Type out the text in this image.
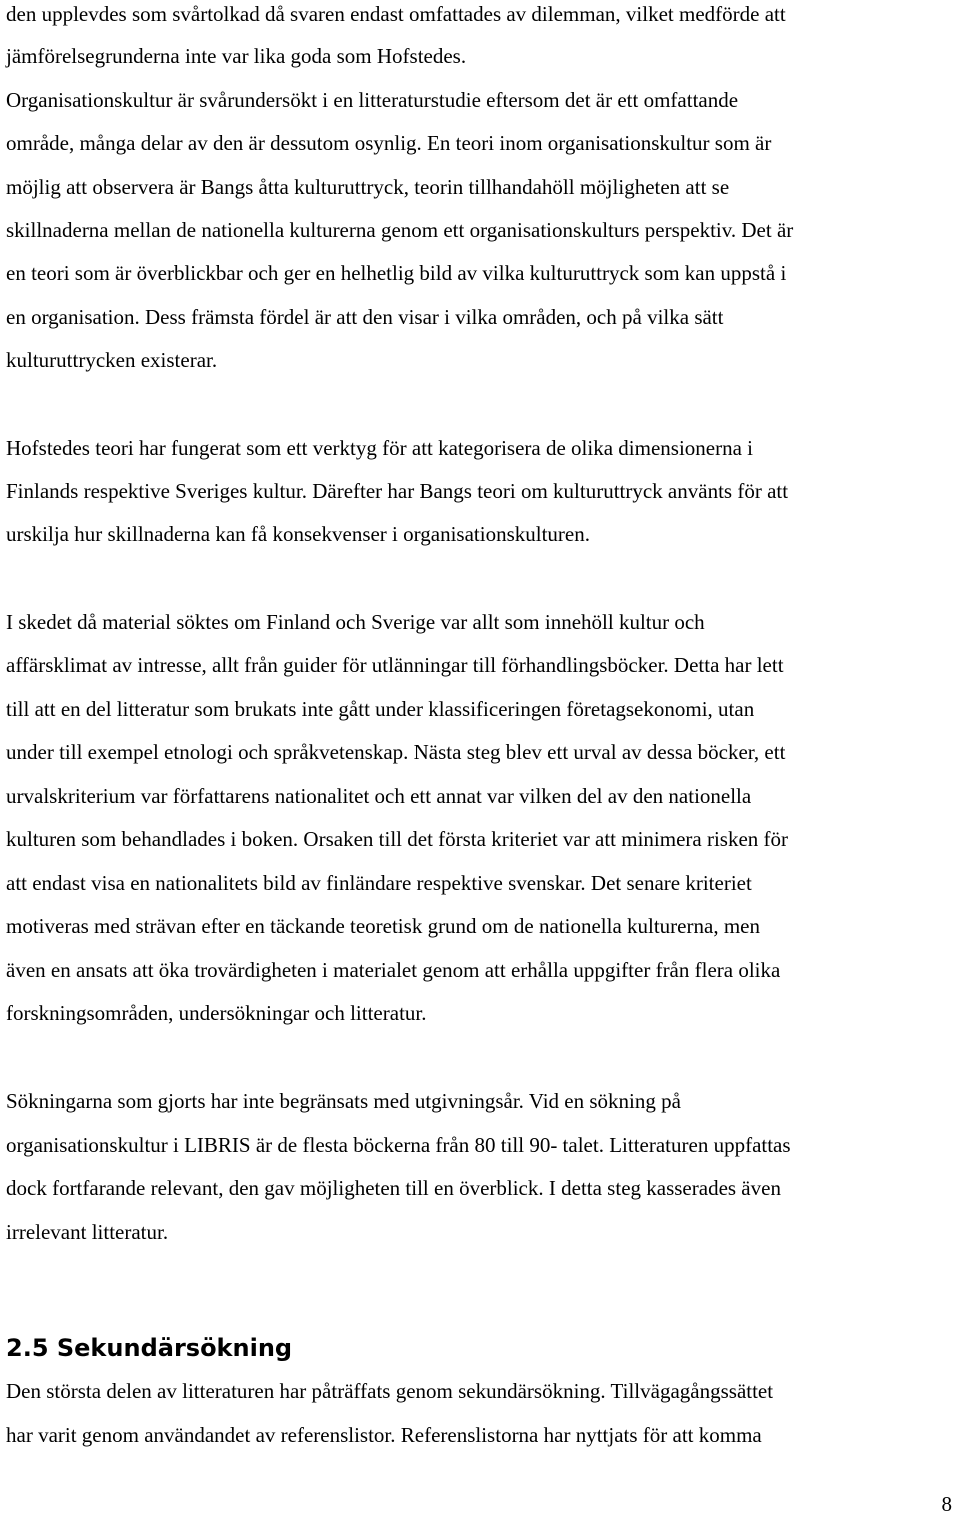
den upplevdes som svårtolkad då svaren endast omfattades av dilemman, vilket medförde att
jämförelsegrunderna inte var lika goda som Hofstedes.
Organisationskultur är svårundersökt i en litteraturstudie eftersom det är ett omfattande
område, många delar av den är dessutom osynlig. En teori inom organisationskultur som är
möjlig att observera är Bangs åtta kulturuttryck, teorin tillhandahöll möjligheten att se
skillnaderna mellan de nationella kulturerna genom ett organisationskulturs perspektiv. Det är
en teori som är överblickbar och ger en helhetlig bild av vilka kulturuttryck som kan uppstå i
en organisation. Dess främsta fördel är att den visar i vilka områden, och på vilka sätt
kulturuttrycken existerar.
Hofstedes teori har fungerat som ett verktyg för att kategorisera de olika dimensionerna i
Finlands respektive Sveriges kultur. Därefter har Bangs teori om kulturuttryck använts för att
urskilja hur skillnaderna kan få konsekvenser i organisationskulturen.
I skedet då material söktes om Finland och Sverige var allt som innehöll kultur och
affärsklimat av intresse, allt från guider för utlänningar till förhandlingsböcker. Detta har lett
till att en del litteratur som brukats inte gått under klassificeringen företagsekonomi, utan
under till exempel etnologi och språkvetenskap. Nästa steg blev ett urval av dessa böcker, ett
urvalskriterium var författarens nationalitet och ett annat var vilken del av den nationella
kulturen som behandlades i boken. Orsaken till det första kriteriet var att minimera risken för
att endast visa en nationalitets bild av finländare respektive svenskar. Det senare kriteriet
motiveras med strävan efter en täckande teoretisk grund om de nationella kulturerna, men
även en ansats att öka trovärdigheten i materialet genom att erhålla uppgifter från flera olika
forskningsområden, undersökningar och litteratur.
Sökningarna som gjorts har inte begränsats med utgivningsår. Vid en sökning på
organisationskultur i LIBRIS är de flesta böckerna från 80 till 90- talet. Litteraturen uppfattas
dock fortfarande relevant, den gav möjligheten till en överblick. I detta steg kasserades även
irrelevant litteratur.
2.5 Sekundärsökning
Den största delen av litteraturen har påträffats genom sekundärsökning. Tillvägagångssättet
har varit genom användandet av referenslistor. Referenslistorna har nyttjats för att komma
8
